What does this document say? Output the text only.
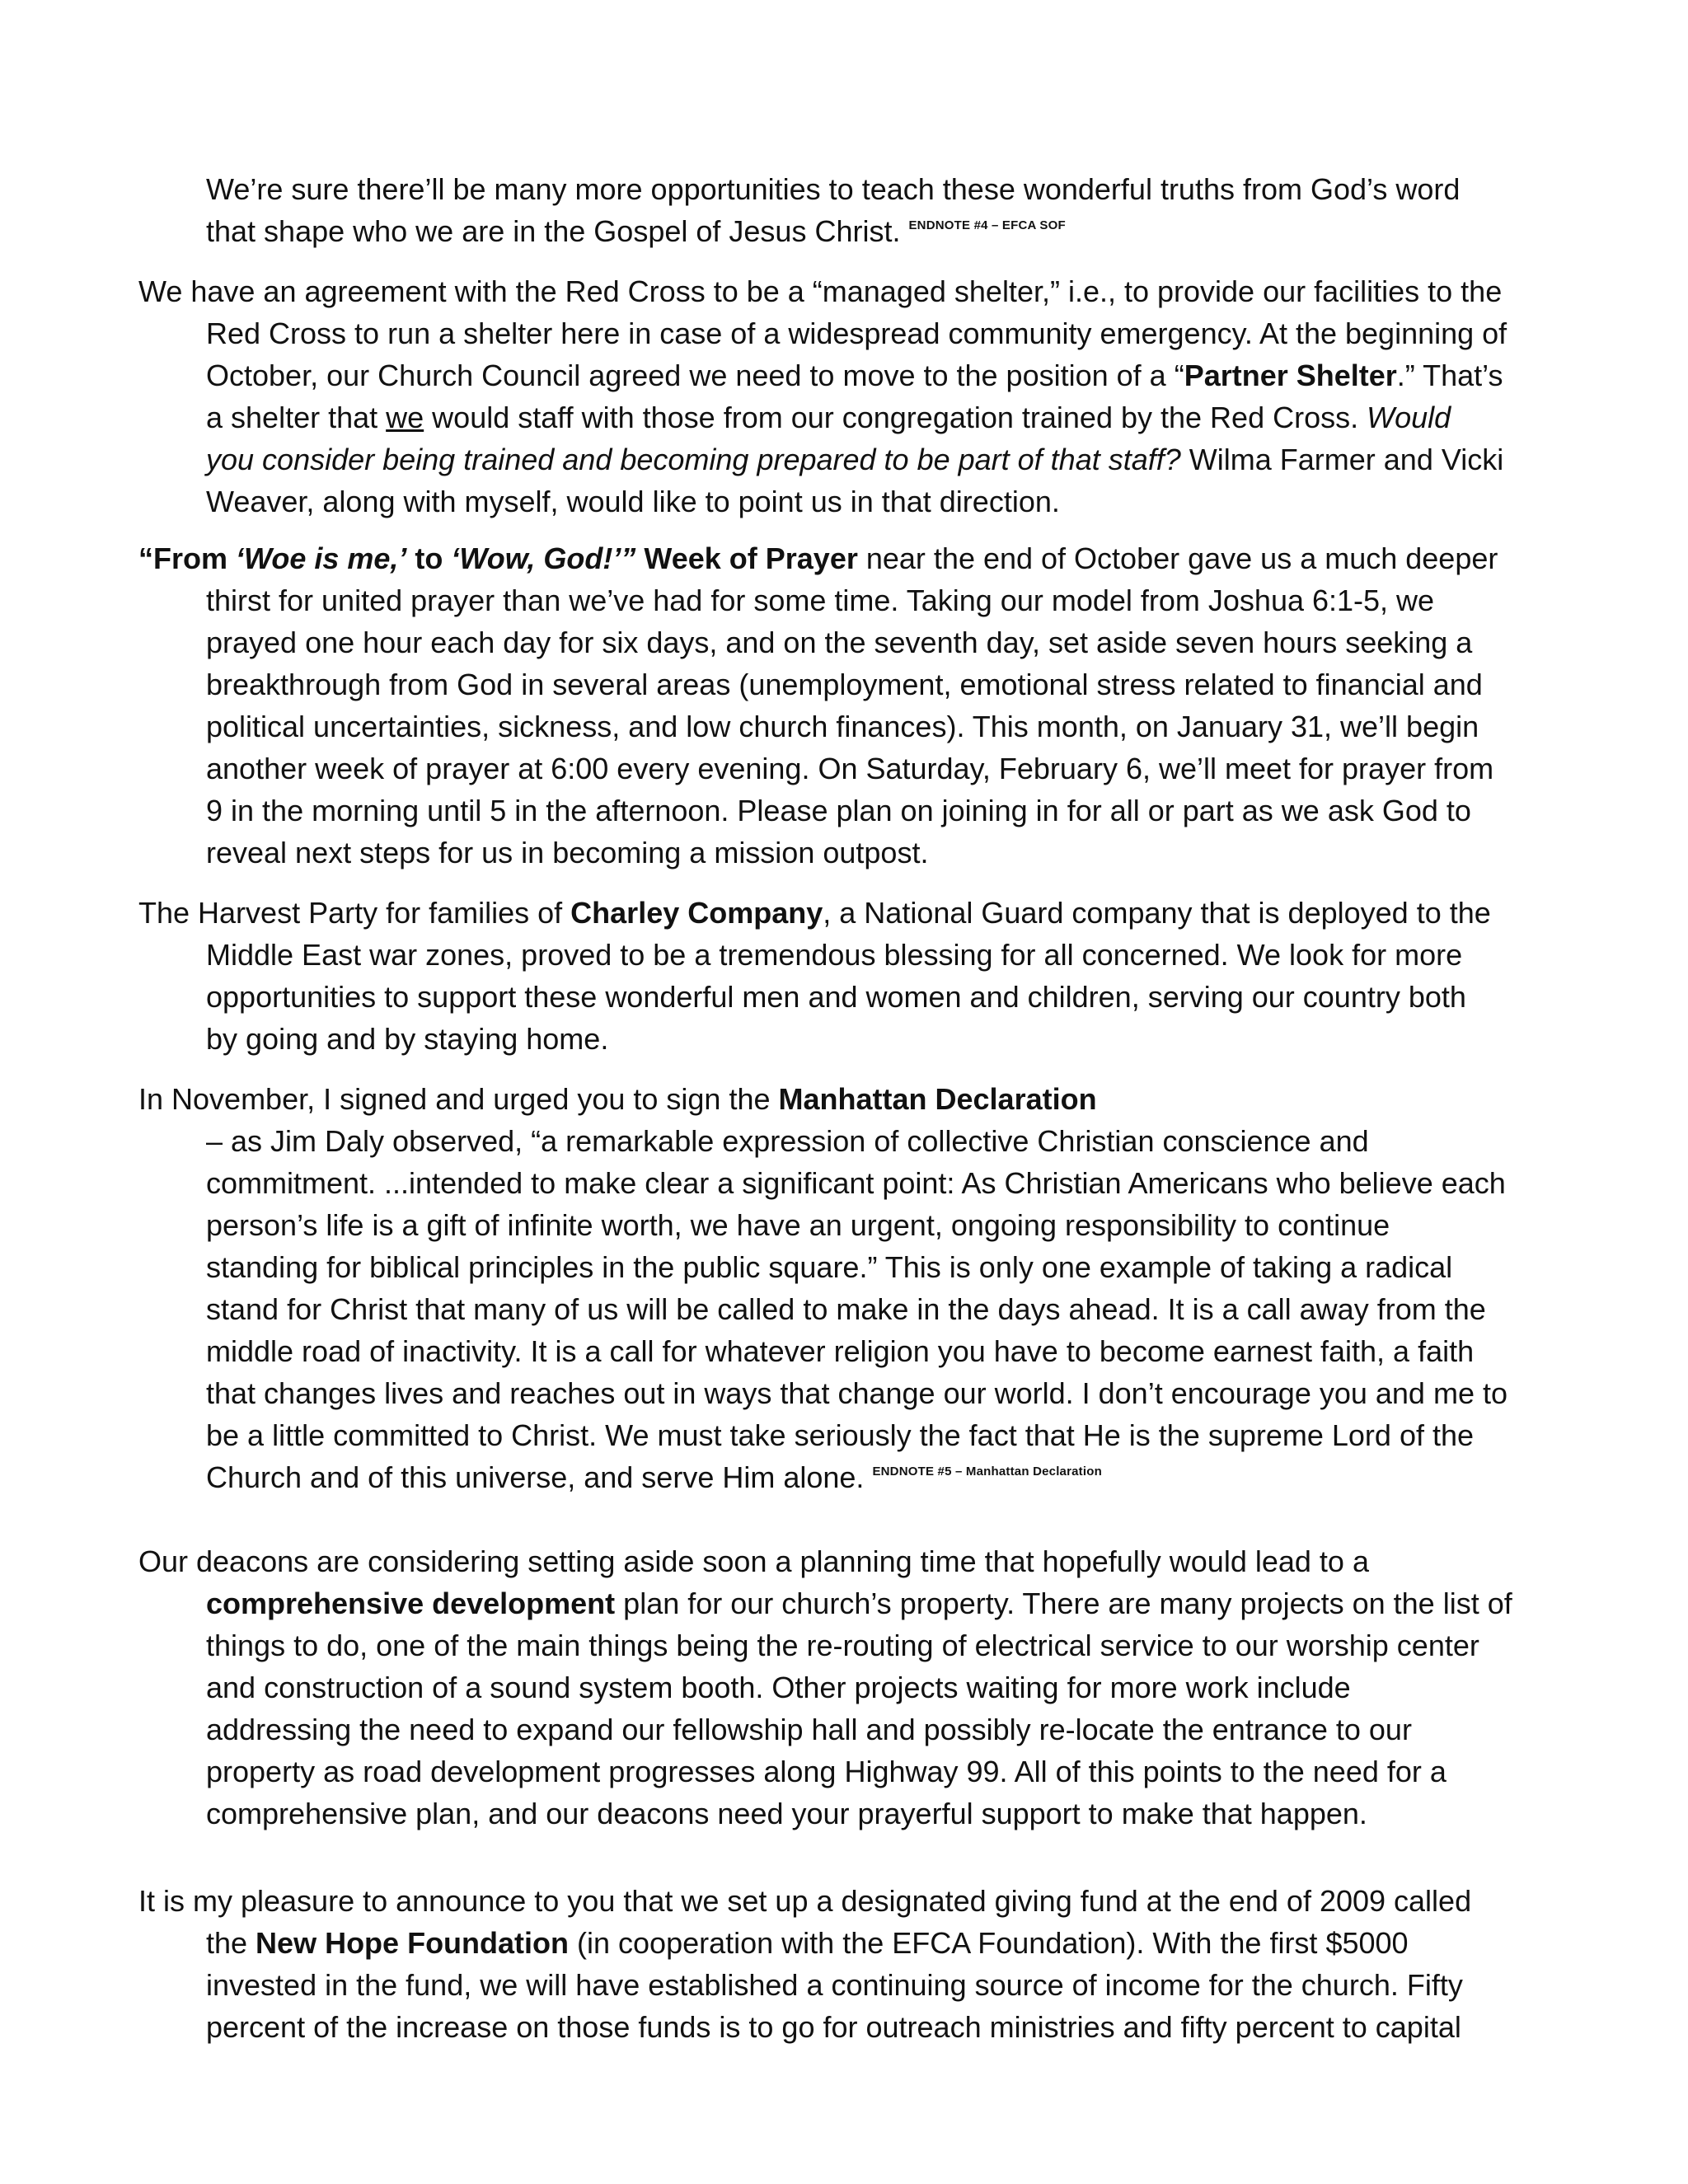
We’re sure there’ll be many more opportunities to teach these wonderful truths from God’s word
that shape who we are in the Gospel of Jesus Christ. $^{ENDNOTE \#4 - EFCA SOF}$
We have an agreement with the Red Cross to be a “managed shelter,” i.e., to provide our facilities to the
Red Cross to run a shelter here in case of a widespread community emergency. At the beginning of
October, our Church Council agreed we need to move to the position of a “Partner Shelter.” That’s
a shelter that we would staff with those from our congregation trained by the Red Cross. Would
you consider being trained and becoming prepared to be part of that staff? Wilma Farmer and Vicki
Weaver, along with myself, would like to point us in that direction.
“From ‘Woe is me,’ to ‘Wow, God!’” Week of Prayer near the end of October gave us a much deeper
thirst for united prayer than we’ve had for some time. Taking our model from Joshua 6:1-5, we
prayed one hour each day for six days, and on the seventh day, set aside seven hours seeking a
breakthrough from God in several areas (unemployment, emotional stress related to financial and
political uncertainties, sickness, and low church finances). This month, on January 31, we’ll begin
another week of prayer at 6:00 every evening. On Saturday, February 6, we’ll meet for prayer from
9 in the morning until 5 in the afternoon. Please plan on joining in for all or part as we ask God to
reveal next steps for us in becoming a mission outpost.
The Harvest Party for families of Charley Company, a National Guard company that is deployed to the
Middle East war zones, proved to be a tremendous blessing for all concerned. We look for more
opportunities to support these wonderful men and women and children, serving our country both
by going and by staying home.
In November, I signed and urged you to sign the Manhattan Declaration
– as Jim Daly observed, “a remarkable expression of collective Christian conscience and
commitment. ...intended to make clear a significant point: As Christian Americans who believe each
person’s life is a gift of infinite worth, we have an urgent, ongoing responsibility to continue
standing for biblical principles in the public square.” This is only one example of taking a radical
stand for Christ that many of us will be called to make in the days ahead. It is a call away from the
middle road of inactivity. It is a call for whatever religion you have to become earnest faith, a faith
that changes lives and reaches out in ways that change our world. I don’t encourage you and me to
be a little committed to Christ. We must take seriously the fact that He is the supreme Lord of the
Church and of this universe, and serve Him alone. $^{ENDNOTE \#5 - Manhattan Declaration}$
Our deacons are considering setting aside soon a planning time that hopefully would lead to a
comprehensive development plan for our church’s property. There are many projects on the list of
things to do, one of the main things being the re-routing of electrical service to our worship center
and construction of a sound system booth. Other projects waiting for more work include
addressing the need to expand our fellowship hall and possibly re-locate the entrance to our
property as road development progresses along Highway 99. All of this points to the need for a
comprehensive plan, and our deacons need your prayerful support to make that happen.
It is my pleasure to announce to you that we set up a designated giving fund at the end of 2009 called
the New Hope Foundation (in cooperation with the EFCA Foundation). With the first $5000
invested in the fund, we will have established a continuing source of income for the church. Fifty
percent of the increase on those funds is to go for outreach ministries and fifty percent to capital
